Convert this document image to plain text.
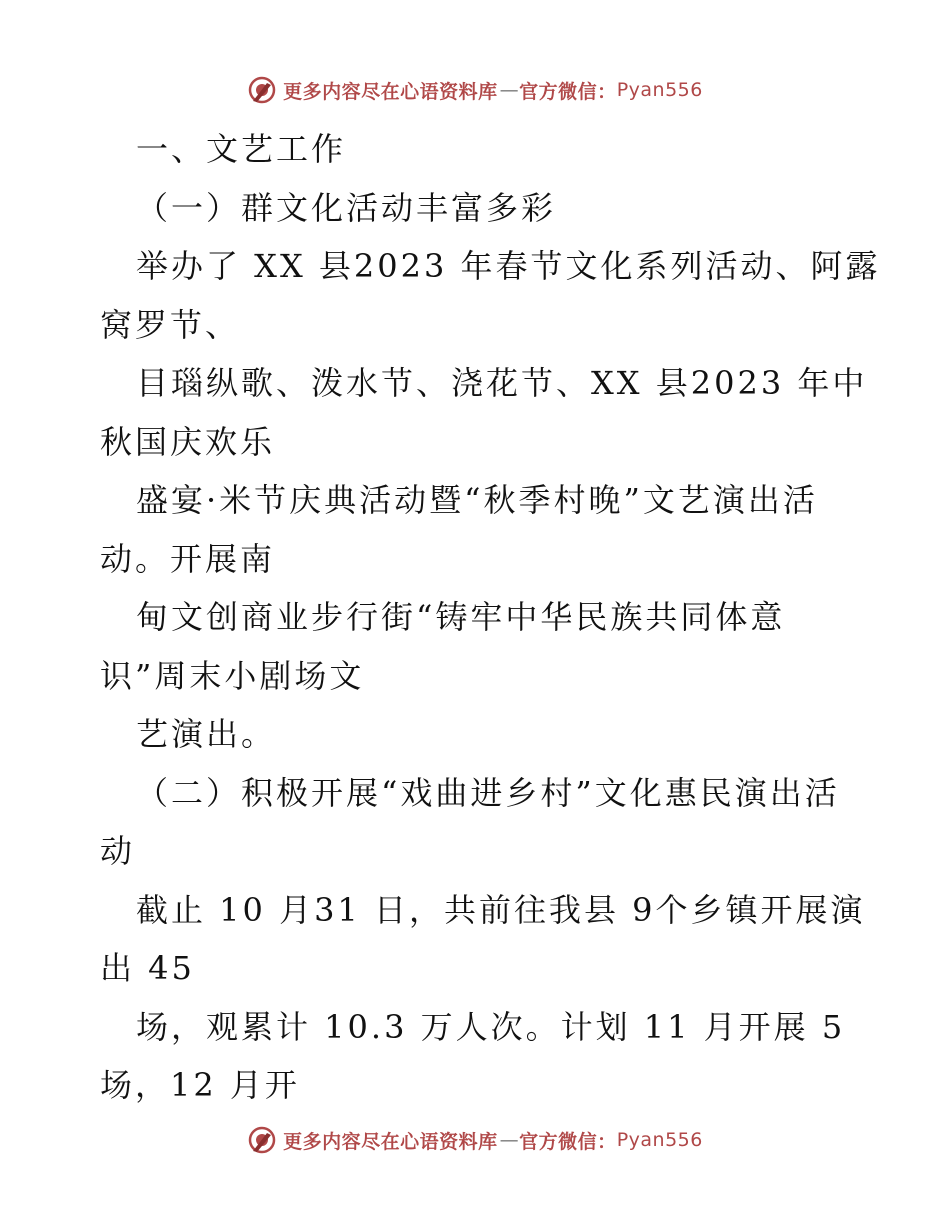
更多内容尽在心语资料库 — 官方微信： Pyan556
一、文艺工作
（一）群文化活动丰富多彩
举办了 XX 县2023 年春节文化系列活动、阿露
窝罗节、
目瑙纵歌、泼水节、浇花节、XX 县2023 年中
秋国庆欢乐
盛宴·米节庆典活动暨“秋季村晚”文艺演出活
动。开展南
甸文创商业步行街“铸牢中华民族共同体意
识”周末小剧场文
艺演出。
（二）积极开展“戏曲进乡村”文化惠民演出活
动
截止 10 月31 日，共前往我县 9个乡镇开展演
出 45
场，观累计 10.3 万人次。计划 11 月开展 5
场，12 月开
更多内容尽在心语资料库 — 官方微信： Pyan556
